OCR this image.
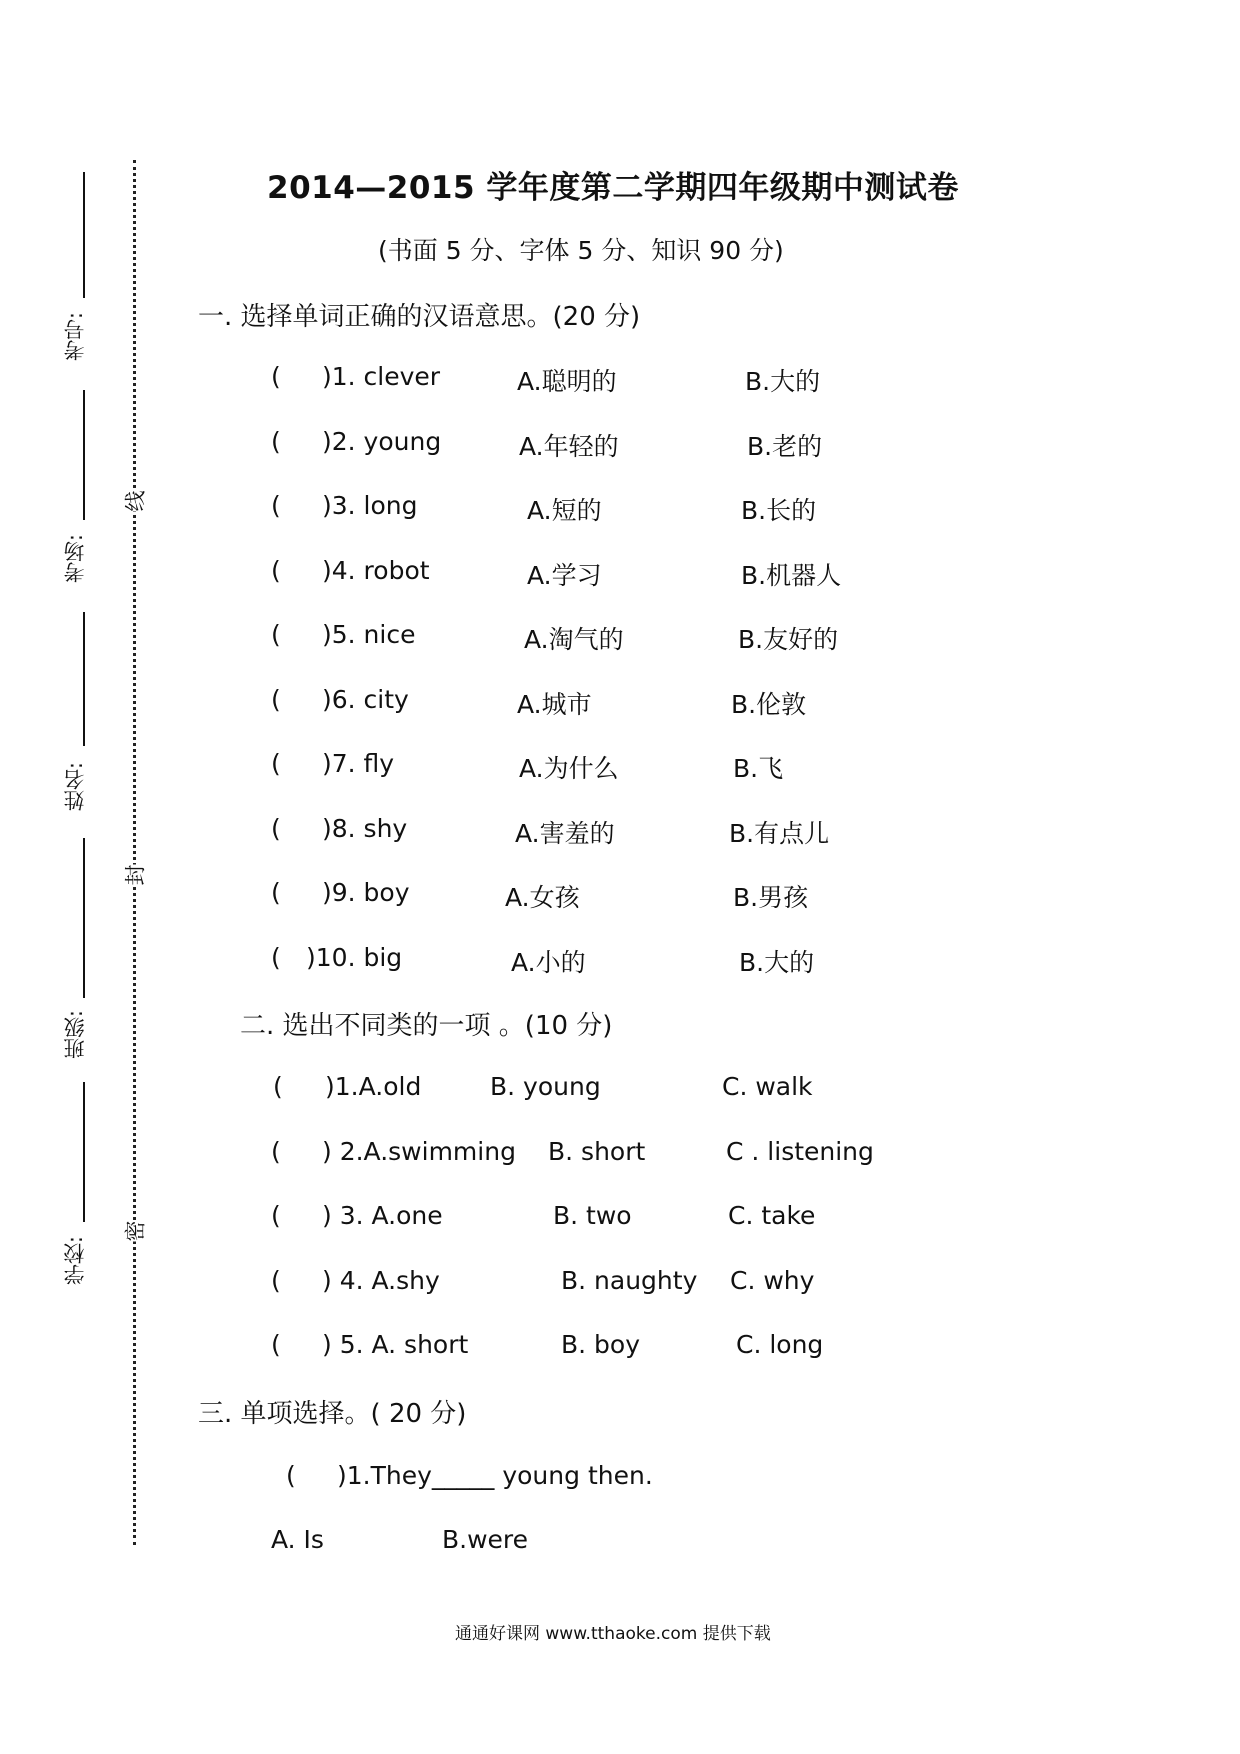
考号:
考场:
姓名:
班级:
学校:
线
封
密
2014—2015 学年度第二学期四年级期中测试卷
(书面 5 分、字体 5 分、知识 90 分)
一. 选择单词正确的汉语意思。(20 分)
( )1. clever	A.聪明的	B.大的
( )2. young	A.年轻的	B.老的
( )3. long	A.短的	B.长的
( )4. robot	A.学习	B.机器人
( )5. nice	A.淘气的	B.友好的
( )6. city	A.城市	B.伦敦
( )7. fly	A.为什么	B.飞
( )8. shy	A.害羞的	B.有点儿
( )9. boy	A.女孩	B.男孩
( )10. big	A.小的	B.大的
二. 选出不同类的一项 。(10 分)
( )1.A.old	B. young	C. walk
( ) 2.A.swimming B. short	C . listening
( ) 3. A.one	B. two	C. take
( ) 4. A.shy	B. naughty C. why
( ) 5. A. short	B. boy	C. long
三. 单项选择。( 20 分)
( )1.They_____ young then.
A. Is	B.were
通通好课网 www.tthaoke.com 提供下载
